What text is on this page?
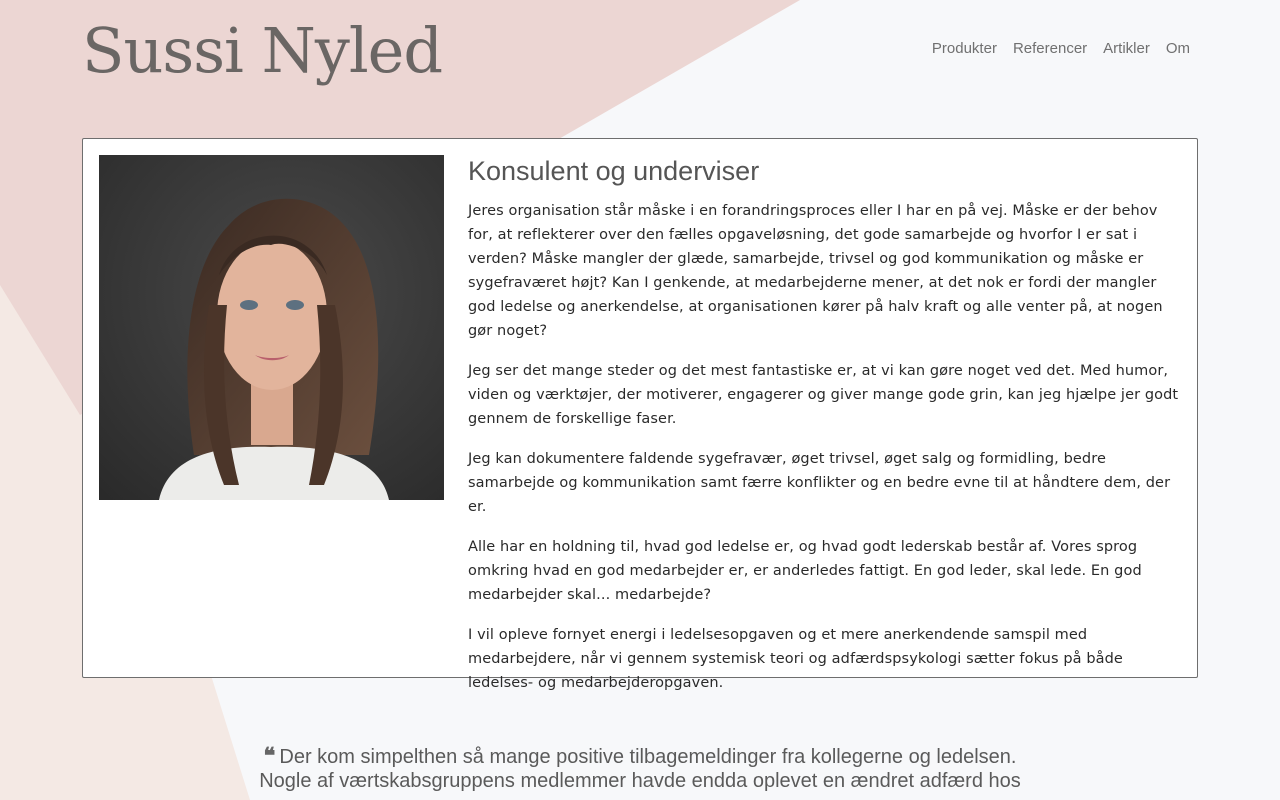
Sussi Nyled	Produkter Referencer Artikler Om
Konsulent og underviser

Jeres organisation står måske i en forandringsproces eller I har en på vej. Måske er der behov for, at reflekterer over den fælles opgaveløsning, det gode samarbejde og hvorfor I er sat i verden? Måske mangler der glæde, samarbejde, trivsel og god kommunikation og måske er sygefraværet højt? Kan I genkende, at medarbejderne mener, at det nok er fordi der mangler god ledelse og anerkendelse, at organisationen kører på halv kraft og alle venter på, at nogen gør noget?

Jeg ser det mange steder og det mest fantastiske er, at vi kan gøre noget ved det. Med humor, viden og værktøjer, der motiverer, engagerer og giver mange gode grin, kan jeg hjælpe jer godt gennem de forskellige faser.

Jeg kan dokumentere faldende sygefravær, øget trivsel, øget salg og formidling, bedre samarbejde og kommunikation samt færre konflikter og en bedre evne til at håndtere dem, der er.

Alle har en holdning til, hvad god ledelse er, og hvad godt lederskab består af. Vores sprog omkring hvad en god medarbejder er, er anderledes fattigt. En god leder, skal lede. En god medarbejder skal... medarbejde?

I vil opleve fornyet energi i ledelsesopgaven og et mere anerkendende samspil med medarbejdere, når vi gennem systemisk teori og adfærdspsykologi sætter fokus på både ledelses- og medarbejderopgaven.

❝ Der kom simpelthen så mange positive tilbagemeldinger fra kollegerne og ledelsen. Nogle af værtskabsgruppens medlemmer havde endda oplevet en ændret adfærd hos
